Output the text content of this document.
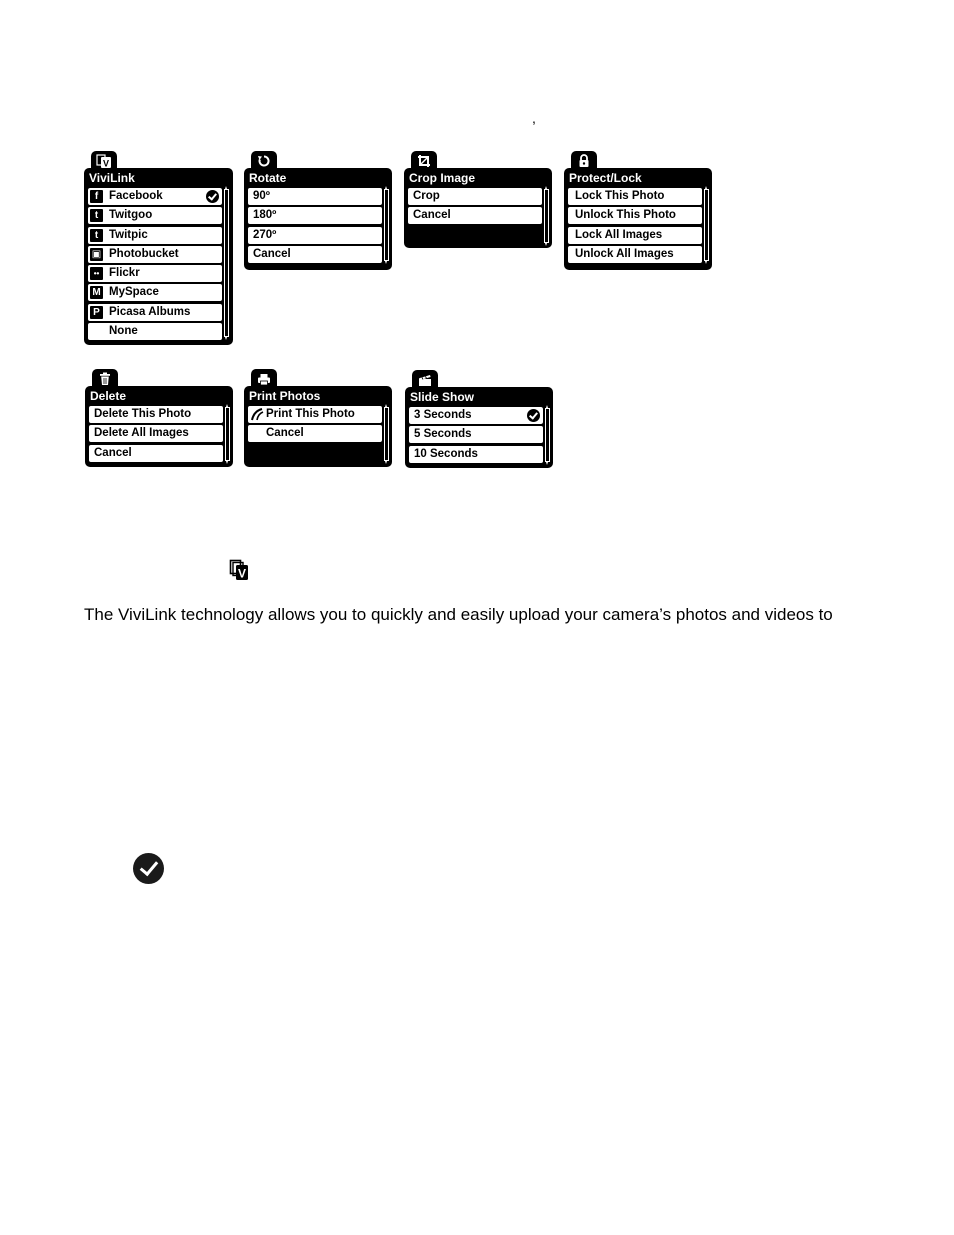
,
V
ViviLink
f Facebook
t Twitgoo
t Twitpic
▣ Photobucket
•• Flickr
M MySpace
P Picasa Albums
None
Rotate
90º
180º
270º
Cancel
Crop Image
Crop
Cancel
Protect/Lock
Lock This Photo
Unlock This Photo
Lock All Images
Unlock All Images
Delete
Delete This Photo
Delete All Images
Cancel
Print Photos
Print This Photo
Cancel
Slide Show
3 Seconds
5 Seconds
10 Seconds
V
The ViviLink technology allows you to quickly and easily upload your camera’s photos and videos to
